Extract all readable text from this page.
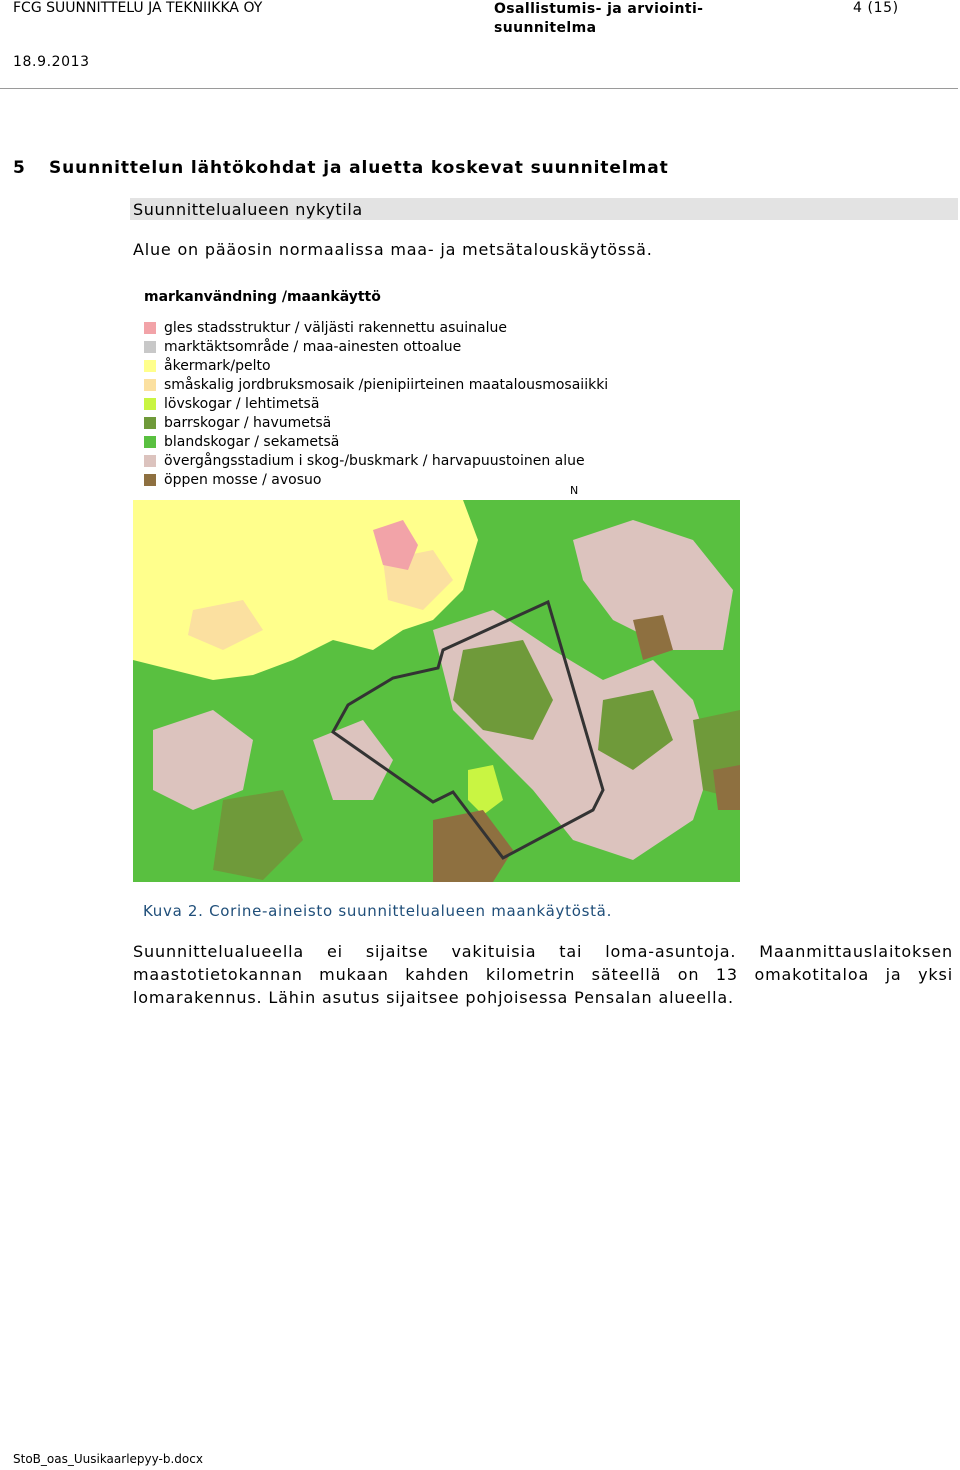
FCG SUUNNITTELU JA TEKNIIKKA OY	Osallistumis- ja arviointi-suunnitelma
4 (15)
18.9.2013
5 Suunnittelun lähtökohdat ja aluetta koskevat suunnitelmat
Suunnittelualueen nykytila
Alue on pääosin normaalissa maa- ja metsätalouskäytössä.
markanvändning /maankäyttö
gles stadsstruktur / väljästi rakennettu asuinalue
marktäktsområde / maa-ainesten ottoalue
åkermark/pelto
småskalig jordbruksmosaik /pienipiirteinen maatalousmosaiikki
lövskogar / lehtimetsä
barrskogar / havumetsä
blandskogar / sekametsä
övergångsstadium i skog-/buskmark / harvapuustoinen alue
öppen mosse / avosuo
N
Kuva 2. Corine-aineisto suunnittelualueen maankäytöstä.
Suunnittelualueella ei sijaitse vakituisia tai loma-asuntoja. Maanmittauslaitoksen maastotietokannan mukaan kahden kilometrin säteellä on 13 omakotitaloa ja yksi lomarakennus. Lähin asutus sijaitsee pohjoisessa Pensalan alueella.
StoB_oas_Uusikaarlepyy-b.docx
